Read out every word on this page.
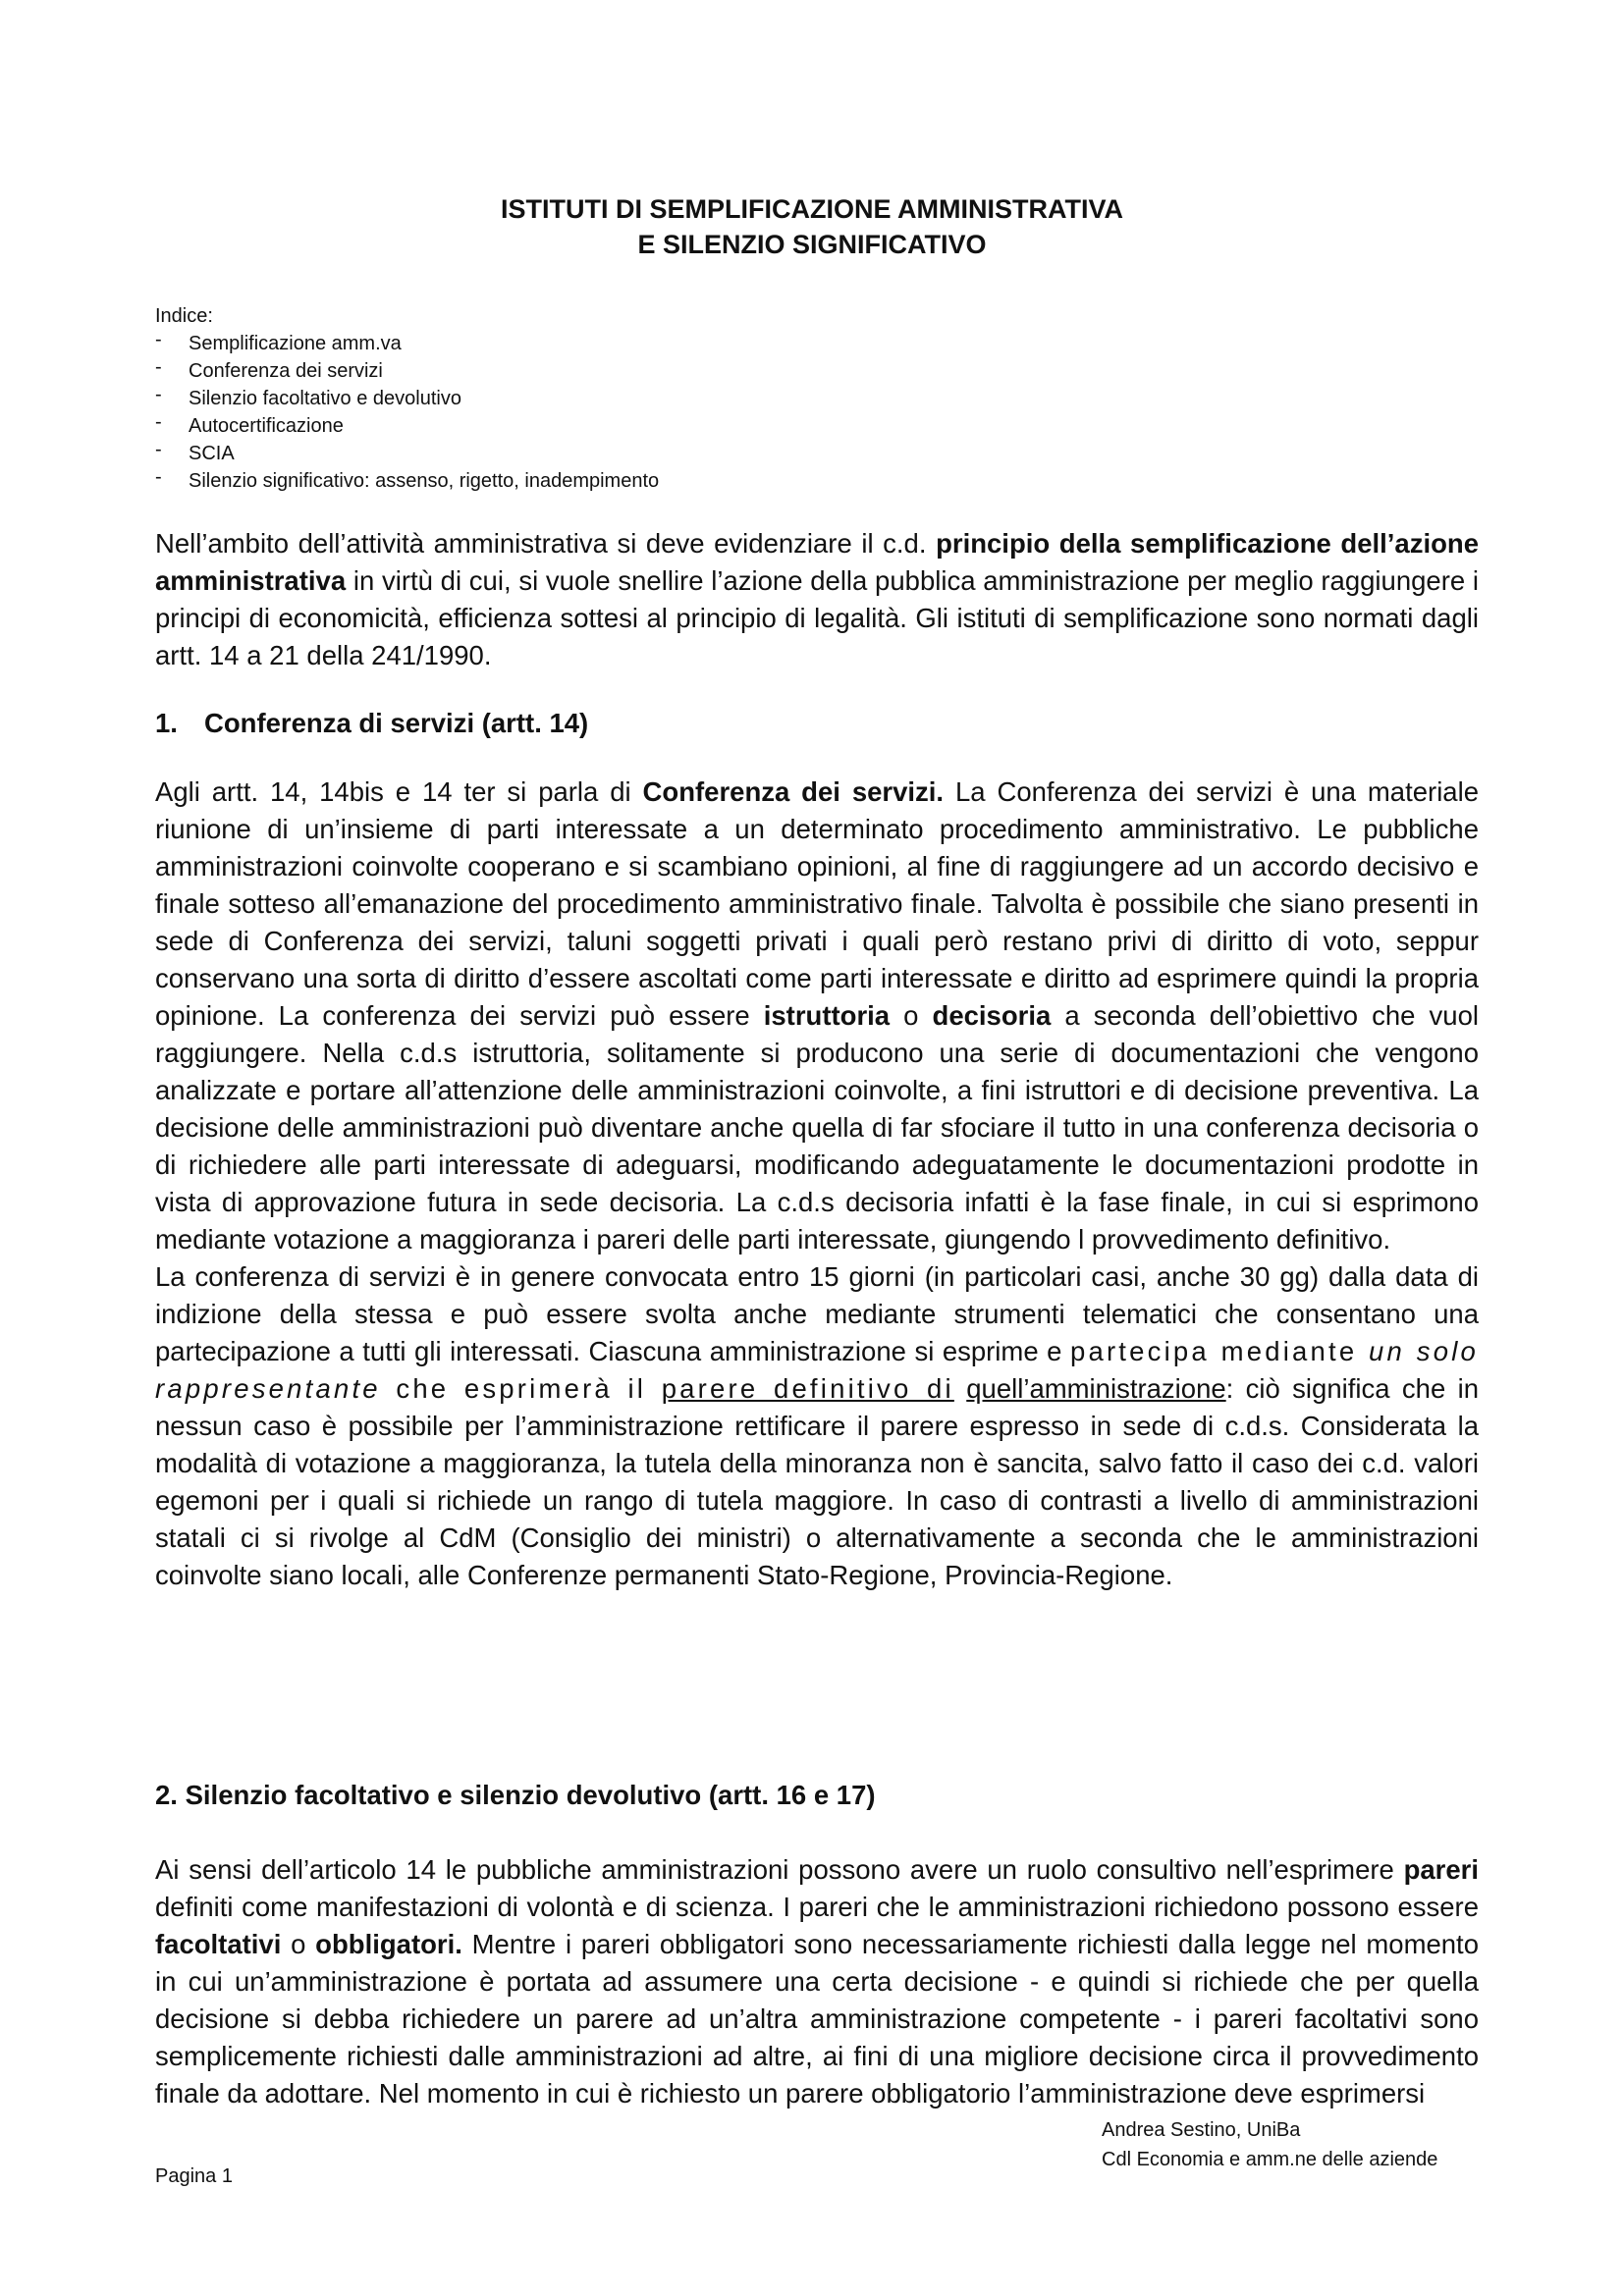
ISTITUTI DI SEMPLIFICAZIONE AMMINISTRATIVA
E SILENZIO SIGNIFICATIVO
Indice:
- Semplificazione amm.va
- Conferenza dei servizi
- Silenzio facoltativo e devolutivo
- Autocertificazione
- SCIA
- Silenzio significativo: assenso, rigetto, inadempimento
Nell’ambito dell’attività amministrativa si deve evidenziare il c.d. principio della semplificazione dell’azione amministrativa in virtù di cui, si vuole snellire l’azione della pubblica amministrazione per meglio raggiungere i principi di economicità, efficienza sottesi al principio di legalità. Gli istituti di semplificazione sono normati dagli artt. 14 a 21 della 241/1990.
1. Conferenza di servizi (artt. 14)

Agli artt. 14, 14bis e 14 ter si parla di Conferenza dei servizi. La Conferenza dei servizi è una materiale riunione di un’insieme di parti interessate a un determinato procedimento amministrativo. Le pubbliche amministrazioni coinvolte cooperano e si scambiano opinioni, al fine di raggiungere ad un accordo decisivo e finale sotteso all’emanazione del procedimento amministrativo finale. Talvolta è possibile che siano presenti in sede di Conferenza dei servizi, taluni soggetti privati i quali però restano privi di diritto di voto, seppur conservano una sorta di diritto d’essere ascoltati come parti interessate e diritto ad esprimere quindi la propria opinione. La conferenza dei servizi può essere istruttoria o decisoria a seconda dell’obiettivo che vuol raggiungere. Nella c.d.s istruttoria, solitamente si producono una serie di documentazioni che vengono analizzate e portare all’attenzione delle amministrazioni coinvolte, a fini istruttori e di decisione preventiva. La decisione delle amministrazioni può diventare anche quella di far sfociare il tutto in una conferenza decisoria o di richiedere alle parti interessate di adeguarsi, modificando adeguatamente le documentazioni prodotte in vista di approvazione futura in sede decisoria. La c.d.s decisoria infatti è la fase finale, in cui si esprimono mediante votazione a maggioranza i pareri delle parti interessate, giungendo l provvedimento definitivo.

La conferenza di servizi è in genere convocata entro 15 giorni (in particolari casi, anche 30 gg) dalla data di indizione della stessa e può essere svolta anche mediante strumenti telematici che consentano una partecipazione a tutti gli interessati. Ciascuna amministrazione si esprime e partecipa mediante un solo rappresentante che esprimerà il parere definitivo di quell’amministrazione: ciò significa che in nessun caso è possibile per l’amministrazione rettificare il parere espresso in sede di c.d.s. Considerata la modalità di votazione a maggioranza, la tutela della minoranza non è sancita, salvo fatto il caso dei c.d. valori egemoni per i quali si richiede un rango di tutela maggiore. In caso di contrasti a livello di amministrazioni statali ci si rivolge al CdM (Consiglio dei ministri) o alternativamente a seconda che le amministrazioni coinvolte siano locali, alle Conferenze permanenti Stato-Regione, Provincia-Regione.

2. Silenzio facoltativo e silenzio devolutivo (artt. 16 e 17)

Ai sensi dell’articolo 14 le pubbliche amministrazioni possono avere un ruolo consultivo nell’esprimere pareri definiti come manifestazioni di volontà e di scienza. I pareri che le amministrazioni richiedono possono essere facoltativi o obbligatori. Mentre i pareri obbligatori sono necessariamente richiesti dalla legge nel momento in cui un’amministrazione è portata ad assumere una certa decisione - e quindi si richiede che per quella decisione si debba richiedere un parere ad un’altra amministrazione competente - i pareri facoltativi sono semplicemente richiesti dalle amministrazioni ad altre, ai fini di una migliore decisione circa il provvedimento finale da adottare. Nel momento in cui è richiesto un parere obbligatorio l’amministrazione deve esprimersi

Pagina 1
Andrea Sestino, UniBa
Cdl Economia e amm.ne delle aziende
